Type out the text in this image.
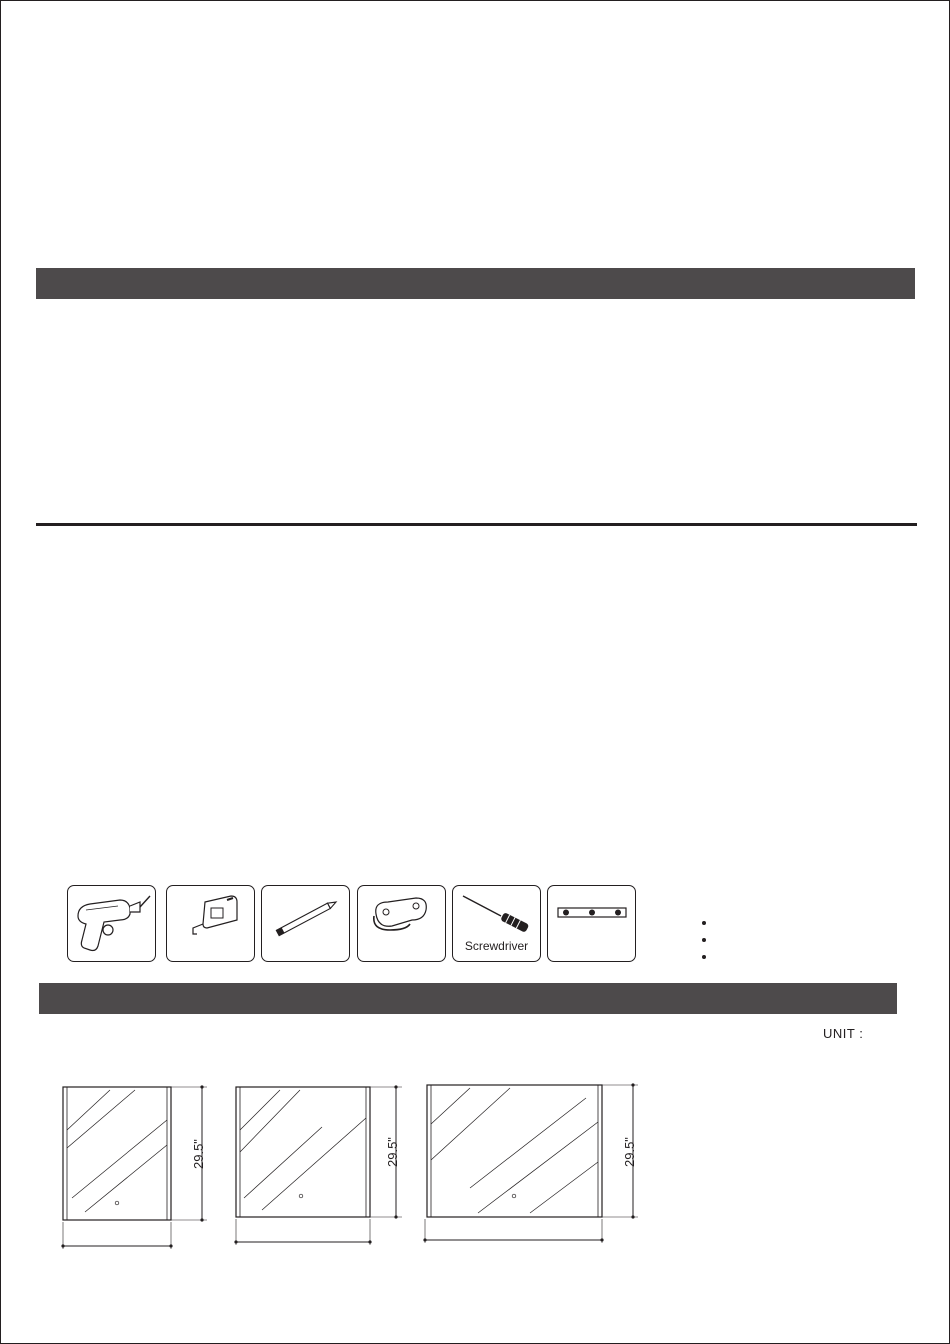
Screwdriver
UNIT :
29.5"	29.5"	29.5"
